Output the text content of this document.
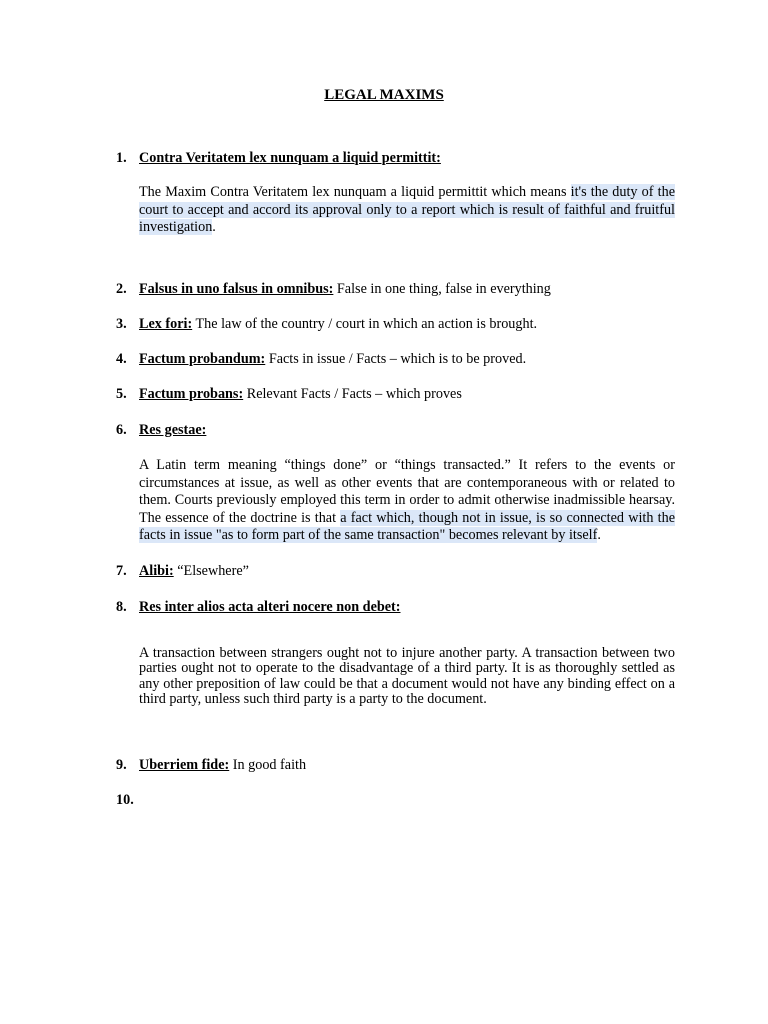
LEGAL MAXIMS
1. Contra Veritatem lex nunquam a liquid permittit:
The Maxim Contra Veritatem lex nunquam a liquid permittit which means it's the duty of the court to accept and accord its approval only to a report which is result of faithful and fruitful investigation.
2. Falsus in uno falsus in omnibus: False in one thing, false in everything
3. Lex fori: The law of the country / court in which an action is brought.
4. Factum probandum: Facts in issue / Facts – which is to be proved.
5. Factum probans: Relevant Facts / Facts – which proves
6. Res gestae:
A Latin term meaning “things done” or “things transacted.” It refers to the events or circumstances at issue, as well as other events that are contemporaneous with or related to them. Courts previously employed this term in order to admit otherwise inadmissible hearsay. The essence of the doctrine is that a fact which, though not in issue, is so connected with the facts in issue "as to form part of the same transaction" becomes relevant by itself.
7. Alibi: “Elsewhere”
8. Res inter alios acta alteri nocere non debet:
A transaction between strangers ought not to injure another party. A transaction between two parties ought not to operate to the disadvantage of a third party. It is as thoroughly settled as any other preposition of law could be that a document would not have any binding effect on a third party, unless such third party is a party to the document.
9. Uberriem fide: In good faith
10.
